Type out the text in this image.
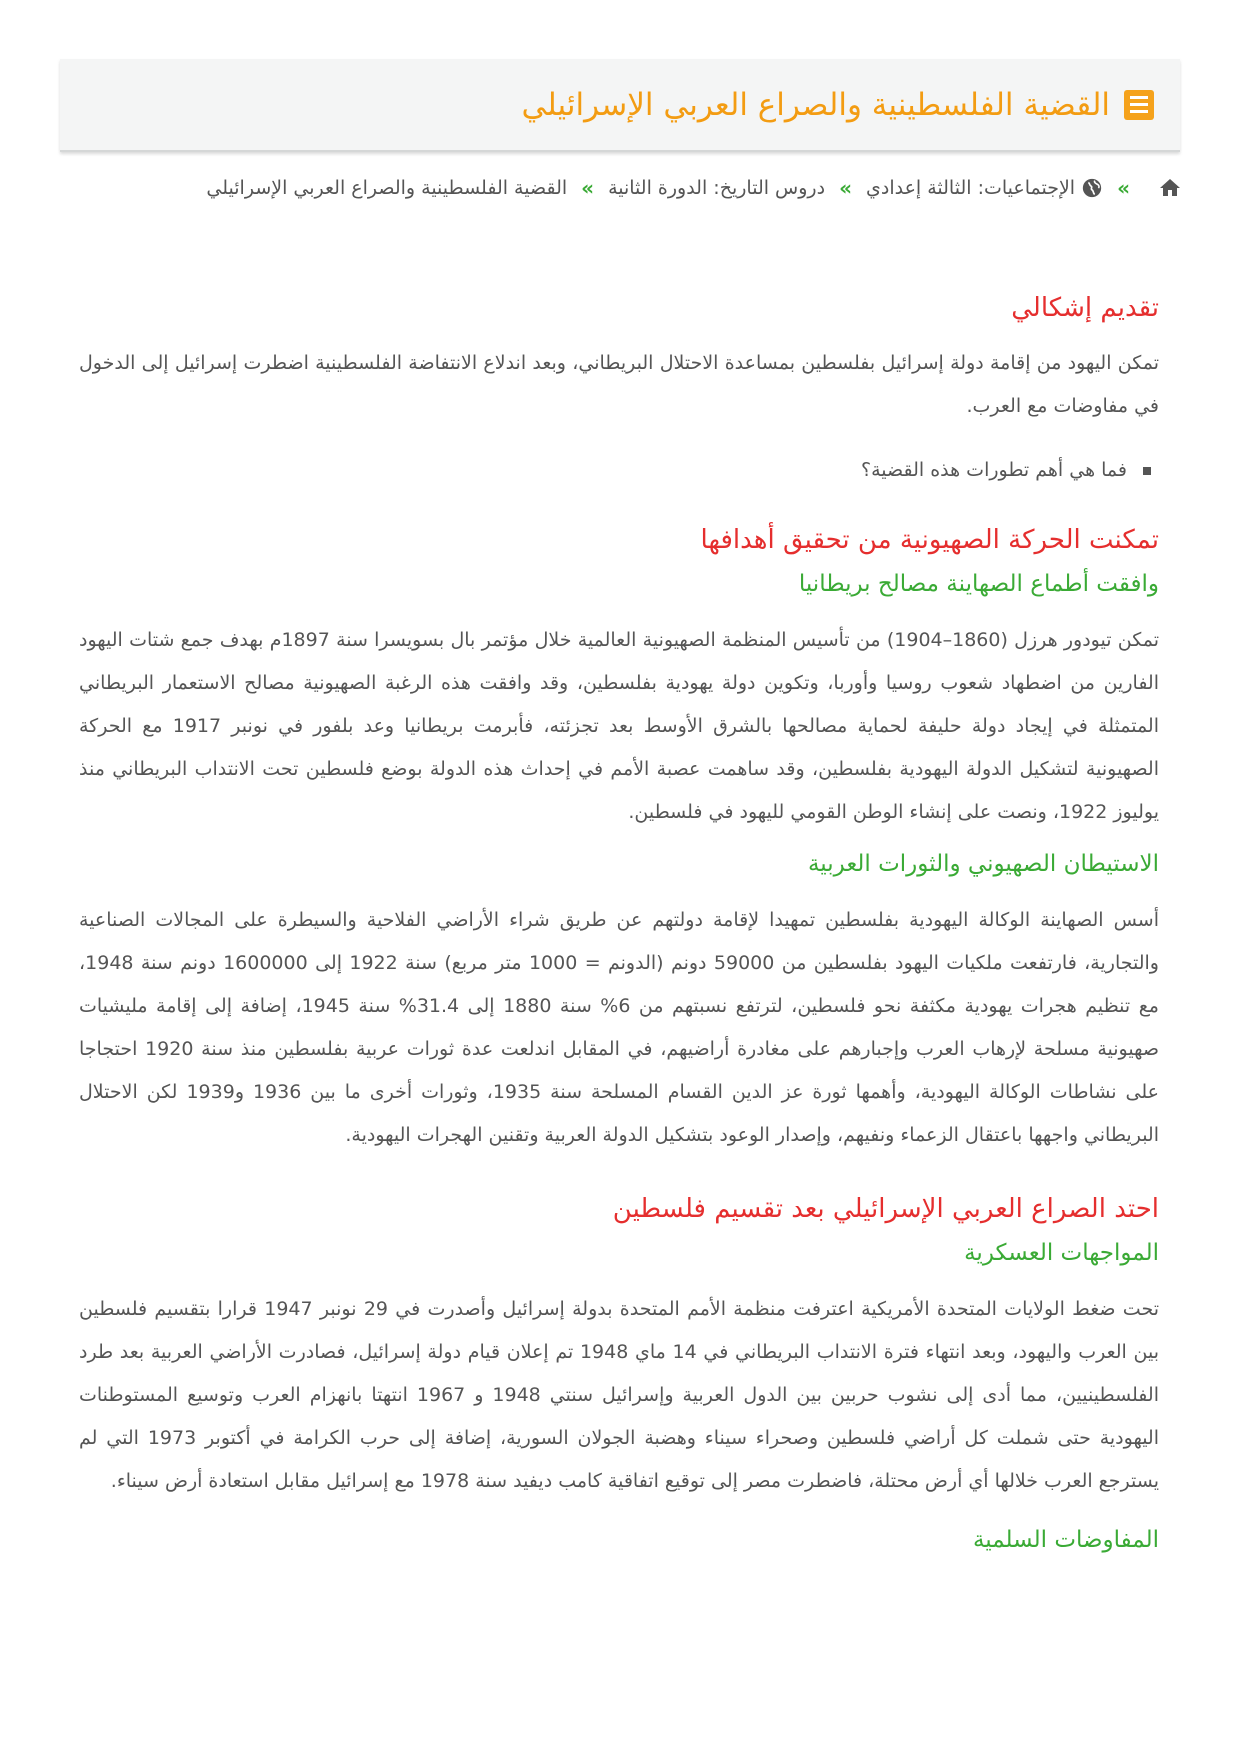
القضية الفلسطينية والصراع العربي الإسرائيلي
»
الإجتماعيات: الثالثة إعدادي
»
دروس التاريخ: الدورة الثانية
»
القضية الفلسطينية والصراع العربي الإسرائيلي
تقديم إشكالي

تمكن اليهود من إقامة دولة إسرائيل بفلسطين بمساعدة الاحتلال البريطاني، وبعد اندلاع الانتفاضة الفلسطينية اضطرت إسرائيل إلى الدخول في مفاوضات مع العرب.

فما هي أهم تطورات هذه القضية؟
تمكنت الحركة الصهيونية من تحقيق أهدافها
وافقت أطماع الصهاينة مصالح بريطانيا

تمكن تيودور هرزل (1860–1904) من تأسيس المنظمة الصهيونية العالمية خلال مؤتمر بال بسويسرا سنة 1897م بهدف جمع شتات اليهود الفارين من اضطهاد شعوب روسيا وأوربا، وتكوين دولة يهودية بفلسطين، وقد وافقت هذه الرغبة الصهيونية مصالح الاستعمار البريطاني المتمثلة في إيجاد دولة حليفة لحماية مصالحها بالشرق الأوسط بعد تجزئته، فأبرمت بريطانيا وعد بلفور في نونبر 1917 مع الحركة الصهيونية لتشكيل الدولة اليهودية بفلسطين، وقد ساهمت عصبة الأمم في إحداث هذه الدولة بوضع فلسطين تحت الانتداب البريطاني منذ يوليوز 1922، ونصت على إنشاء الوطن القومي لليهود في فلسطين.

الاستيطان الصهيوني والثورات العربية

أسس الصهاينة الوكالة اليهودية بفلسطين تمهيدا لإقامة دولتهم عن طريق شراء الأراضي الفلاحية والسيطرة على المجالات الصناعية والتجارية، فارتفعت ملكيات اليهود بفلسطين من 59000 دونم (الدونم = 1000 متر مربع) سنة 1922 إلى 1600000 دونم سنة 1948، مع تنظيم هجرات يهودية مكثفة نحو فلسطين، لترتفع نسبتهم من 6% سنة 1880 إلى 31.4% سنة 1945، إضافة إلى إقامة مليشيات صهيونية مسلحة لإرهاب العرب وإجبارهم على مغادرة أراضيهم، في المقابل اندلعت عدة ثورات عربية بفلسطين منذ سنة 1920 احتجاجا على نشاطات الوكالة اليهودية، وأهمها ثورة عز الدين القسام المسلحة سنة 1935، وثورات أخرى ما بين 1936 و1939 لكن الاحتلال البريطاني واجهها باعتقال الزعماء ونفيهم، وإصدار الوعود بتشكيل الدولة العربية وتقنين الهجرات اليهودية.

احتد الصراع العربي الإسرائيلي بعد تقسيم فلسطين
المواجهات العسكرية

تحت ضغط الولايات المتحدة الأمريكية اعترفت منظمة الأمم المتحدة بدولة إسرائيل وأصدرت في 29 نونبر 1947 قرارا بتقسيم فلسطين بين العرب واليهود، وبعد انتهاء فترة الانتداب البريطاني في 14 ماي 1948 تم إعلان قيام دولة إسرائيل، فصادرت الأراضي العربية بعد طرد الفلسطينيين، مما أدى إلى نشوب حربين بين الدول العربية وإسرائيل سنتي 1948 و 1967 انتهتا بانهزام العرب وتوسيع المستوطنات اليهودية حتى شملت كل أراضي فلسطين وصحراء سيناء وهضبة الجولان السورية، إضافة إلى حرب الكرامة في أكتوبر 1973 التي لم يسترجع العرب خلالها أي أرض محتلة، فاضطرت مصر إلى توقيع اتفاقية كامب ديفيد سنة 1978 مع إسرائيل مقابل استعادة أرض سيناء.

المفاوضات السلمية
